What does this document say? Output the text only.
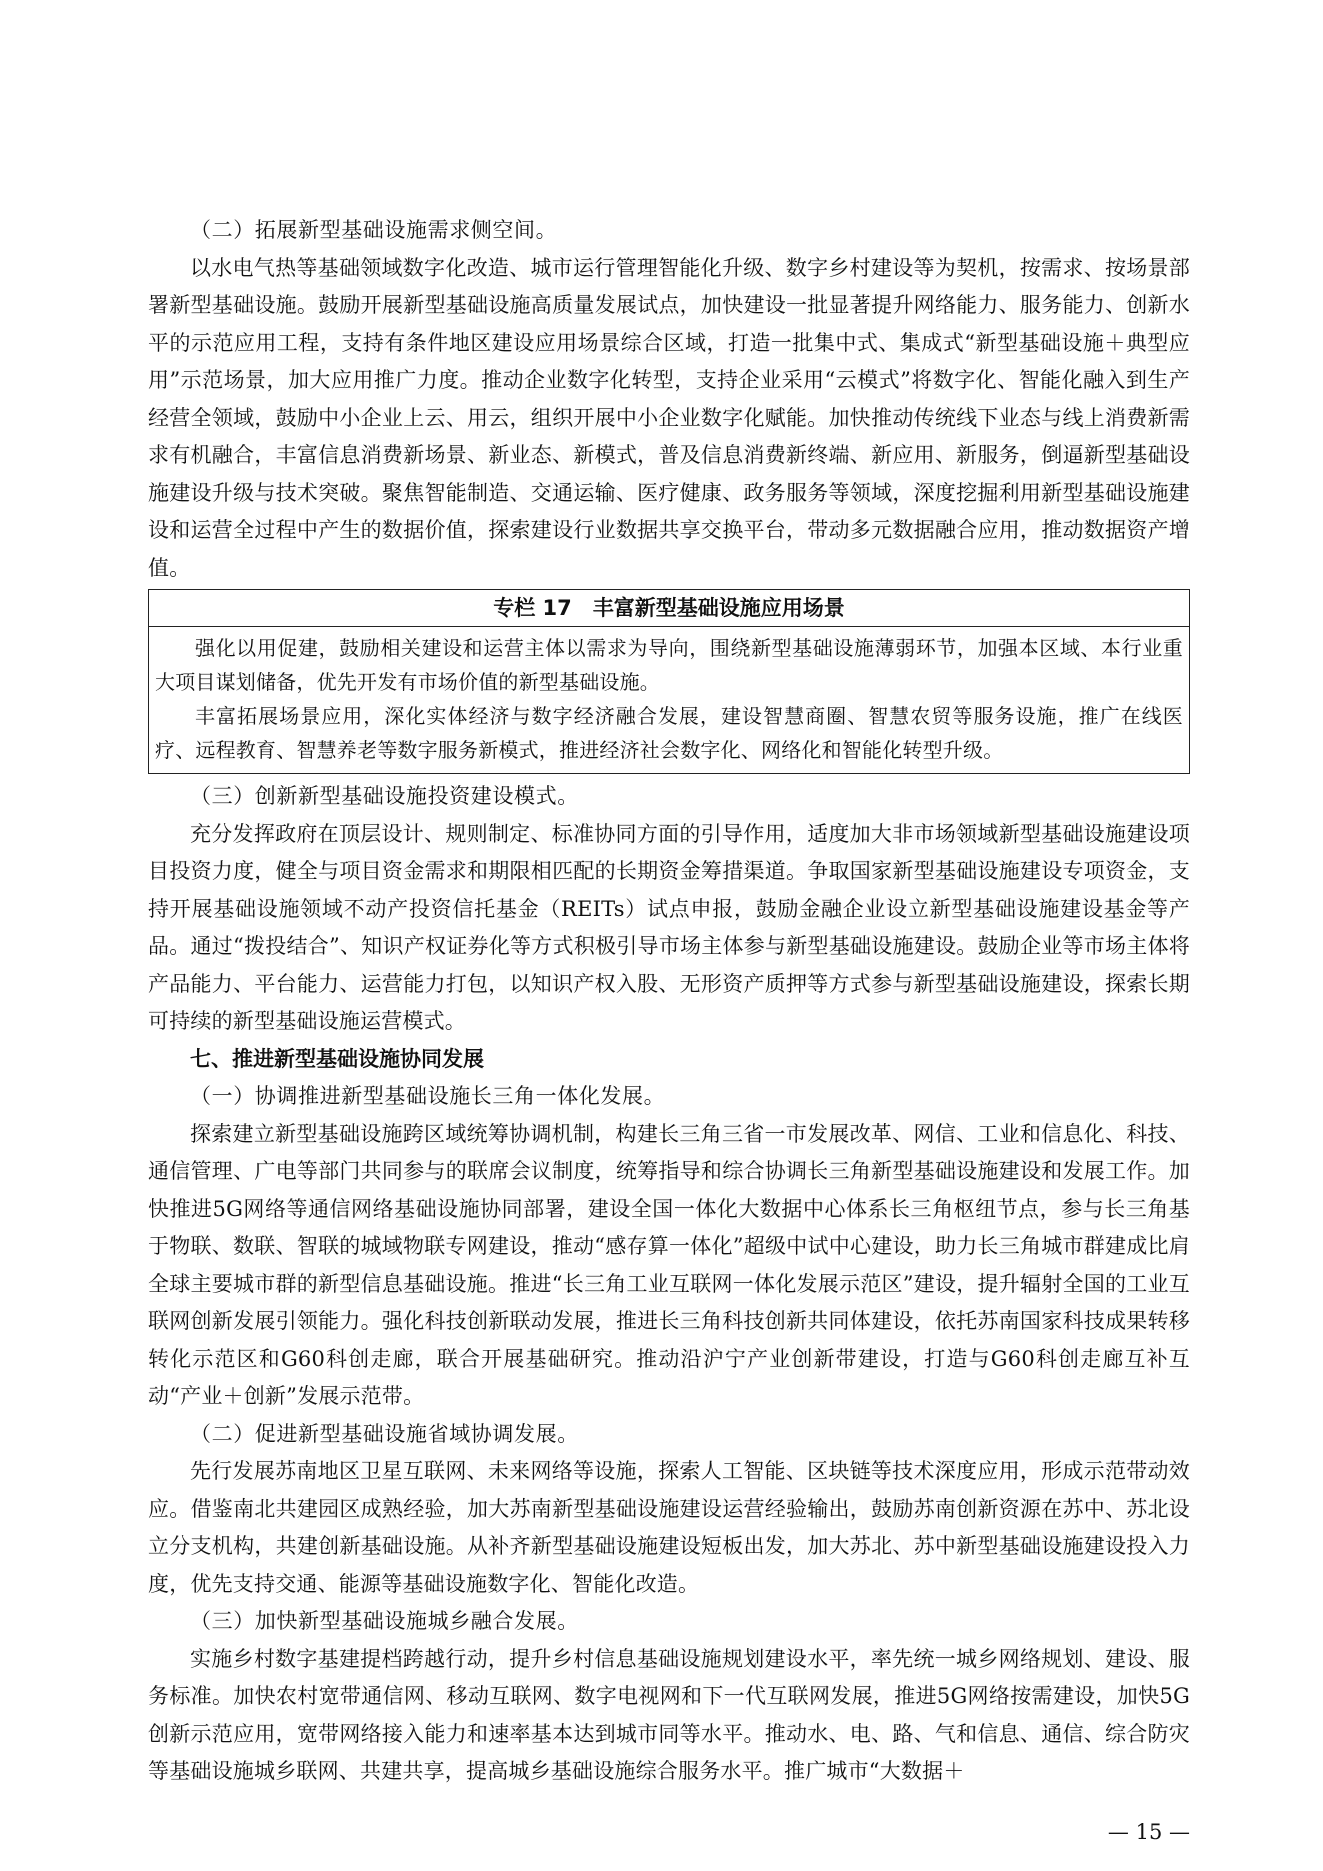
（二）拓展新型基础设施需求侧空间。

以水电气热等基础领域数字化改造、城市运行管理智能化升级、数字乡村建设等为契机，按需求、按场景部署新型基础设施。鼓励开展新型基础设施高质量发展试点，加快建设一批显著提升网络能力、服务能力、创新水平的示范应用工程，支持有条件地区建设应用场景综合区域，打造一批集中式、集成式“新型基础设施＋典型应用”示范场景，加大应用推广力度。推动企业数字化转型，支持企业采用“云模式”将数字化、智能化融入到生产经营全领域，鼓励中小企业上云、用云，组织开展中小企业数字化赋能。加快推动传统线下业态与线上消费新需求有机融合，丰富信息消费新场景、新业态、新模式，普及信息消费新终端、新应用、新服务，倒逼新型基础设施建设升级与技术突破。聚焦智能制造、交通运输、医疗健康、政务服务等领域，深度挖掘利用新型基础设施建设和运营全过程中产生的数据价值，探索建设行业数据共享交换平台，带动多元数据融合应用，推动数据资产增值。

专栏 17　丰富新型基础设施应用场景

强化以用促建，鼓励相关建设和运营主体以需求为导向，围绕新型基础设施薄弱环节，加强本区域、本行业重大项目谋划储备，优先开发有市场价值的新型基础设施。

丰富拓展场景应用，深化实体经济与数字经济融合发展，建设智慧商圈、智慧农贸等服务设施，推广在线医疗、远程教育、智慧养老等数字服务新模式，推进经济社会数字化、网络化和智能化转型升级。

（三）创新新型基础设施投资建设模式。

充分发挥政府在顶层设计、规则制定、标准协同方面的引导作用，适度加大非市场领域新型基础设施建设项目投资力度，健全与项目资金需求和期限相匹配的长期资金筹措渠道。争取国家新型基础设施建设专项资金，支持开展基础设施领域不动产投资信托基金（REITs）试点申报，鼓励金融企业设立新型基础设施建设基金等产品。通过“拨投结合”、知识产权证券化等方式积极引导市场主体参与新型基础设施建设。鼓励企业等市场主体将产品能力、平台能力、运营能力打包，以知识产权入股、无形资产质押等方式参与新型基础设施建设，探索长期可持续的新型基础设施运营模式。

七、推进新型基础设施协同发展

（一）协调推进新型基础设施长三角一体化发展。

探索建立新型基础设施跨区域统筹协调机制，构建长三角三省一市发展改革、网信、工业和信息化、科技、通信管理、广电等部门共同参与的联席会议制度，统筹指导和综合协调长三角新型基础设施建设和发展工作。加快推进5G网络等通信网络基础设施协同部署，建设全国一体化大数据中心体系长三角枢纽节点，参与长三角基于物联、数联、智联的城域物联专网建设，推动“感存算一体化”超级中试中心建设，助力长三角城市群建成比肩全球主要城市群的新型信息基础设施。推进“长三角工业互联网一体化发展示范区”建设，提升辐射全国的工业互联网创新发展引领能力。强化科技创新联动发展，推进长三角科技创新共同体建设，依托苏南国家科技成果转移转化示范区和G60科创走廊，联合开展基础研究。推动沿沪宁产业创新带建设，打造与G60科创走廊互补互动“产业＋创新”发展示范带。

（二）促进新型基础设施省域协调发展。

先行发展苏南地区卫星互联网、未来网络等设施，探索人工智能、区块链等技术深度应用，形成示范带动效应。借鉴南北共建园区成熟经验，加大苏南新型基础设施建设运营经验输出，鼓励苏南创新资源在苏中、苏北设立分支机构，共建创新基础设施。从补齐新型基础设施建设短板出发，加大苏北、苏中新型基础设施建设投入力度，优先支持交通、能源等基础设施数字化、智能化改造。

（三）加快新型基础设施城乡融合发展。

实施乡村数字基建提档跨越行动，提升乡村信息基础设施规划建设水平，率先统一城乡网络规划、建设、服务标准。加快农村宽带通信网、移动互联网、数字电视网和下一代互联网发展，推进5G网络按需建设，加快5G创新示范应用，宽带网络接入能力和速率基本达到城市同等水平。推动水、电、路、气和信息、通信、综合防灾等基础设施城乡联网、共建共享，提高城乡基础设施综合服务水平。推广城市“大数据＋

— 15 —
